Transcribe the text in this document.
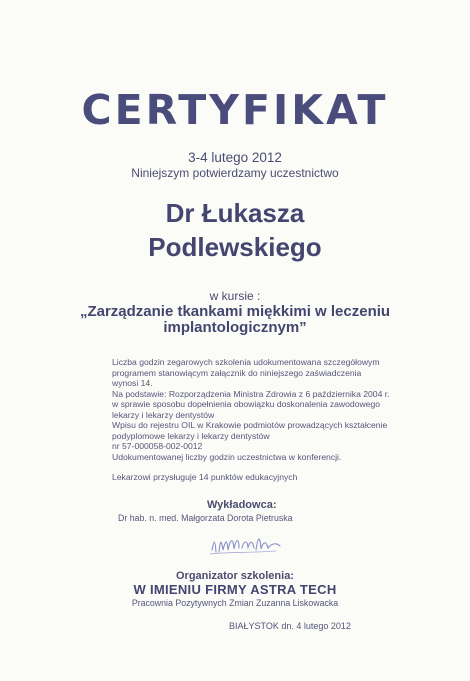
CERTYFIKAT
3-4 lutego 2012
Niniejszym potwierdzamy uczestnictwo
Dr Łukasza
Podlewskiego
w kursie :
„Zarządzanie tkankami miękkimi w leczeniu
implantologicznym”

Liczba godzin zegarowych szkolenia udokumentowana szczegółowym

programem stanowiącym załącznik do niniejszego zaświadczenia

wynosi 14.

Na podstawie: Rozporządzenia Ministra Zdrowia z 6 października 2004 r.

w sprawie sposobu dopełnienia obowiązku doskonalenia zawodowego

lekarzy i lekarzy dentystów

Wpisu do rejestru OIL w Krakowie podmiotów prowadzących kształcenie

podyplomowe lekarzy i lekarzy dentystów

nr 57-000058-002-0012

Udokumentowanej liczby godzin uczestnictwa w konferencji.

Lekarzowi przysługuje 14 punktów edukacyjnych

Wykładowca:
Dr hab. n. med. Małgorzata Dorota Pietruska
Organizator szkolenia:
W IMIENIU FIRMY ASTRA TECH
Pracownia Pozytywnych Zmian Zuzanna Liskowacka
BIAŁYSTOK dn. 4 lutego 2012
